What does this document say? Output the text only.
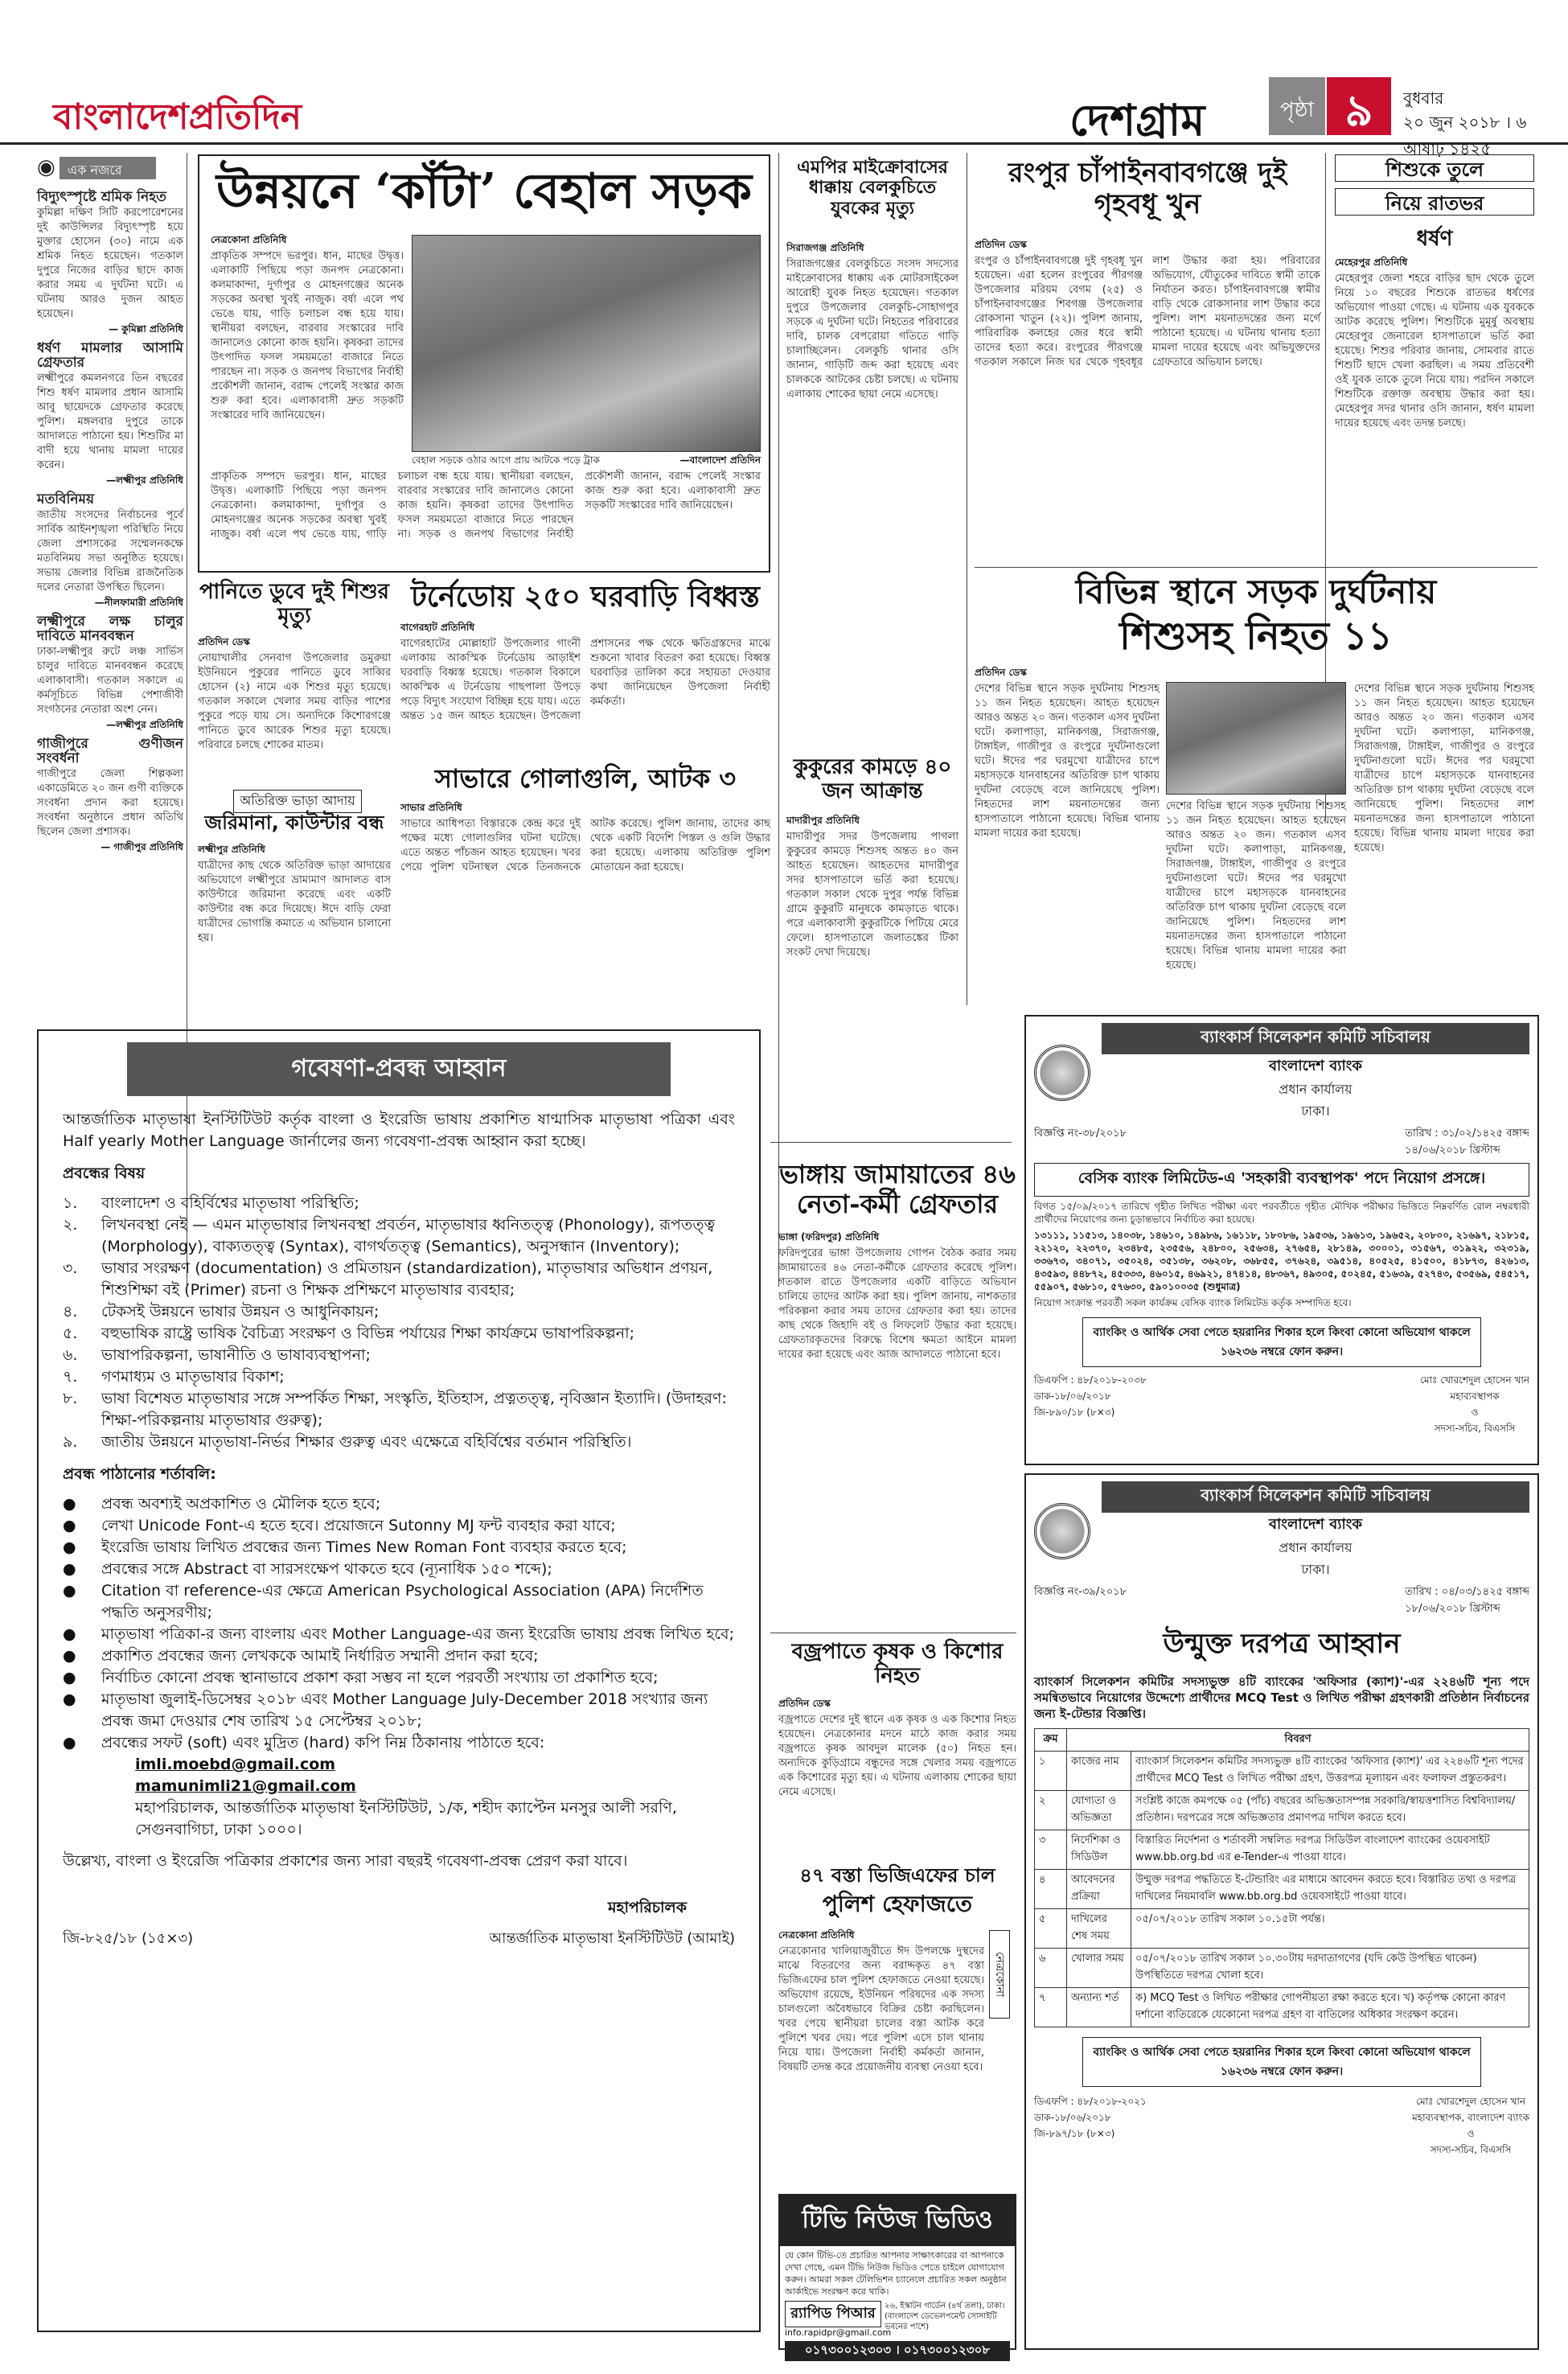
বাংলাদেশপ্রতিদিন	দেশগ্রাম	পৃষ্ঠা ৯	বুধবার
২০ জুন ২০১৮ । ৬ আষাঢ় ১৪২৫
◉ এক নজরে
বিদ্যুৎস্পৃষ্টে শ্রমিক নিহত
কুমিল্লা দক্ষিণ সিটি করপোরেশনের দুই কাউন্সিলর বিদ্যুৎস্পৃষ্ট হয়ে মুক্তার হোসেন (৩০) নামে এক শ্রমিক নিহত হয়েছেন। গতকাল দুপুরে নিজের বাড়ির ছাদে কাজ করার সময় এ দুর্ঘটনা ঘটে। এ ঘটনায় আরও দুজন আহত হয়েছেন।
— কুমিল্লা প্রতিনিধি
ধর্ষণ মামলার আসামি গ্রেফতার
লক্ষ্মীপুরে কমলনগরে তিন বছরের শিশু ধর্ষণ মামলার প্রধান আসামি আবু ছায়েদকে গ্রেফতার করেছে পুলিশ। মঙ্গলবার দুপুরে তাকে আদালতে পাঠানো হয়। শিশুটির মা বাদী হয়ে থানায় মামলা দায়ের করেন।
—লক্ষ্মীপুর প্রতিনিধি
মতবিনিময়
জাতীয় সংসদের নির্বাচনের পূর্বে সার্বিক আইনশৃঙ্খলা পরিস্থিতি নিয়ে জেলা প্রশাসকের সম্মেলনকক্ষে মতবিনিময় সভা অনুষ্ঠিত হয়েছে। সভায় জেলার বিভিন্ন রাজনৈতিক দলের নেতারা উপস্থিত ছিলেন।
—নীলফামারী প্রতিনিধি
লক্ষ্মীপুরে লক্ষ চালুর দাবিতে মানববন্ধন
ঢাকা-লক্ষ্মীপুর রুটে লঞ্চ সার্ভিস চালুর দাবিতে মানববন্ধন করেছে এলাকাবাসী। গতকাল সকালে এ কর্মসূচিতে বিভিন্ন পেশাজীবী সংগঠনের নেতারা অংশ নেন।
—লক্ষ্মীপুর প্রতিনিধি
গাজীপুরে গুণীজন সংবর্ধনা
গাজীপুরে জেলা শিল্পকলা একাডেমিতে ২০ জন গুণী ব্যক্তিকে সংবর্ধনা প্রদান করা হয়েছে। সংবর্ধনা অনুষ্ঠানে প্রধান অতিথি ছিলেন জেলা প্রশাসক।
— গাজীপুর প্রতিনিধি
উন্নয়নে ‘কাঁটা’ বেহাল সড়ক
নেত্রকোনা প্রতিনিধি
প্রাকৃতিক সম্পদে ভরপুর। ধান, মাছের উদ্বৃত্ত। এলাকাটি পিছিয়ে পড়া জনপদ নেত্রকোনা। কলমাকান্দা, দুর্গাপুর ও মোহনগঞ্জের অনেক সড়কের অবস্থা খুবই নাজুক। বর্ষা এলে পথ ভেঙে যায়, গাড়ি চলাচল বন্ধ হয়ে যায়। স্থানীয়রা বলছেন, বারবার সংস্কারের দাবি জানালেও কোনো কাজ হয়নি। কৃষকরা তাদের উৎপাদিত ফসল সময়মতো বাজারে নিতে পারছেন না। সড়ক ও জনপথ বিভাগের নির্বাহী প্রকৌশলী জানান, বরাদ্দ পেলেই সংস্কার কাজ শুরু করা হবে। এলাকাবাসী দ্রুত সড়কটি সংস্কারের দাবি জানিয়েছেন।
বেহাল সড়কে ওঠার আগে প্রায় আটকে পড়ে ট্রাক	—বাংলাদেশ প্রতিদিন
প্রাকৃতিক সম্পদে ভরপুর। ধান, মাছের উদ্বৃত্ত। এলাকাটি পিছিয়ে পড়া জনপদ নেত্রকোনা। কলমাকান্দা, দুর্গাপুর ও মোহনগঞ্জের অনেক সড়কের অবস্থা খুবই নাজুক। বর্ষা এলে পথ ভেঙে যায়, গাড়ি চলাচল বন্ধ হয়ে যায়। স্থানীয়রা বলছেন, বারবার সংস্কারের দাবি জানালেও কোনো কাজ হয়নি। কৃষকরা তাদের উৎপাদিত ফসল সময়মতো বাজারে নিতে পারছেন না। সড়ক ও জনপথ বিভাগের নির্বাহী প্রকৌশলী জানান, বরাদ্দ পেলেই সংস্কার কাজ শুরু করা হবে। এলাকাবাসী দ্রুত সড়কটি সংস্কারের দাবি জানিয়েছেন।
এমপির মাইক্রোবাসের ধাক্কায় বেলকুচিতে যুবকের মৃত্যু
সিরাজগঞ্জ প্রতিনিধি
সিরাজগঞ্জের বেলকুচিতে সংসদ সদস্যের মাইক্রোবাসের ধাক্কায় এক মোটরসাইকেল আরোহী যুবক নিহত হয়েছেন। গতকাল দুপুরে উপজেলার বেলকুচি-সোহাগপুর সড়কে এ দুর্ঘটনা ঘটে। নিহতের পরিবারের দাবি, চালক বেপরোয়া গতিতে গাড়ি চালাচ্ছিলেন। বেলকুচি থানার ওসি জানান, গাড়িটি জব্দ করা হয়েছে এবং চালককে আটকের চেষ্টা চলছে। এ ঘটনায় এলাকায় শোকের ছায়া নেমে এসেছে।
রংপুর চাঁপাইনবাবগঞ্জে দুই গৃহবধূ খুন
প্রতিদিন ডেস্ক
রংপুর ও চাঁপাইনবাবগঞ্জে দুই গৃহবধূ খুন হয়েছেন। এরা হলেন রংপুরের পীরগঞ্জ উপজেলার মরিয়ম বেগম (২৫) ও চাঁপাইনবাবগঞ্জের শিবগঞ্জ উপজেলার রোকসানা খাতুন (২২)। পুলিশ জানায়, পারিবারিক কলহের জের ধরে স্বামী তাদের হত্যা করে। রংপুরের পীরগঞ্জে গতকাল সকালে নিজ ঘর থেকে গৃহবধূর লাশ উদ্ধার করা হয়। পরিবারের অভিযোগ, যৌতুকের দাবিতে স্বামী তাকে নির্যাতন করত। চাঁপাইনবাবগঞ্জে স্বামীর বাড়ি থেকে রোকসানার লাশ উদ্ধার করে পুলিশ। লাশ ময়নাতদন্তের জন্য মর্গে পাঠানো হয়েছে। এ ঘটনায় থানায় হত্যা মামলা দায়ের হয়েছে এবং অভিযুক্তদের গ্রেফতারে অভিযান চলছে।
শিশুকে তুলে
নিয়ে রাতভর
ধর্ষণ
মেহেরপুর প্রতিনিধি
মেহেরপুর জেলা শহরে বাড়ির ছাদ থেকে তুলে নিয়ে ১০ বছরের শিশুকে রাতভর ধর্ষণের অভিযোগ পাওয়া গেছে। এ ঘটনায় এক যুবককে আটক করেছে পুলিশ। শিশুটিকে মুমূর্ষু অবস্থায় মেহেরপুর জেনারেল হাসপাতালে ভর্তি করা হয়েছে। শিশুর পরিবার জানায়, সোমবার রাতে শিশুটি ছাদে খেলা করছিল। এ সময় প্রতিবেশী ওই যুবক তাকে তুলে নিয়ে যায়। পরদিন সকালে শিশুটিকে রক্তাক্ত অবস্থায় উদ্ধার করা হয়। মেহেরপুর সদর থানার ওসি জানান, ধর্ষণ মামলা দায়ের হয়েছে এবং তদন্ত চলছে।
বিভিন্ন স্থানে সড়ক দুর্ঘটনায়
শিশুসহ নিহত ১১
প্রতিদিন ডেস্ক
দেশের বিভিন্ন স্থানে সড়ক দুর্ঘটনায় শিশুসহ ১১ জন নিহত হয়েছেন। আহত হয়েছেন আরও অন্তত ২০ জন। গতকাল এসব দুর্ঘটনা ঘটে। কলাপাড়া, মানিকগঞ্জ, সিরাজগঞ্জ, টাঙ্গাইল, গাজীপুর ও রংপুরে দুর্ঘটনাগুলো ঘটে। ঈদের পর ঘরমুখো যাত্রীদের চাপে মহাসড়কে যানবাহনের অতিরিক্ত চাপ থাকায় দুর্ঘটনা বেড়েছে বলে জানিয়েছে পুলিশ। নিহতদের লাশ ময়নাতদন্তের জন্য হাসপাতালে পাঠানো হয়েছে। বিভিন্ন থানায় মামলা দায়ের করা হয়েছে।
দেশের বিভিন্ন স্থানে সড়ক দুর্ঘটনায় শিশুসহ ১১ জন নিহত হয়েছেন। আহত হয়েছেন আরও অন্তত ২০ জন। গতকাল এসব দুর্ঘটনা ঘটে। কলাপাড়া, মানিকগঞ্জ, সিরাজগঞ্জ, টাঙ্গাইল, গাজীপুর ও রংপুরে দুর্ঘটনাগুলো ঘটে। ঈদের পর ঘরমুখো যাত্রীদের চাপে মহাসড়কে যানবাহনের অতিরিক্ত চাপ থাকায় দুর্ঘটনা বেড়েছে বলে জানিয়েছে পুলিশ। নিহতদের লাশ ময়নাতদন্তের জন্য হাসপাতালে পাঠানো হয়েছে। বিভিন্ন থানায় মামলা দায়ের করা হয়েছে।
দেশের বিভিন্ন স্থানে সড়ক দুর্ঘটনায় শিশুসহ ১১ জন নিহত হয়েছেন। আহত হয়েছেন আরও অন্তত ২০ জন। গতকাল এসব দুর্ঘটনা ঘটে। কলাপাড়া, মানিকগঞ্জ, সিরাজগঞ্জ, টাঙ্গাইল, গাজীপুর ও রংপুরে দুর্ঘটনাগুলো ঘটে। ঈদের পর ঘরমুখো যাত্রীদের চাপে মহাসড়কে যানবাহনের অতিরিক্ত চাপ থাকায় দুর্ঘটনা বেড়েছে বলে জানিয়েছে পুলিশ। নিহতদের লাশ ময়নাতদন্তের জন্য হাসপাতালে পাঠানো হয়েছে। বিভিন্ন থানায় মামলা দায়ের করা হয়েছে।
পানিতে ডুবে দুই শিশুর মৃত্যু
প্রতিদিন ডেস্ক
নোয়াখালীর সেনবাগ উপজেলার ডমুরুয়া ইউনিয়নে পুকুরের পানিতে ডুবে সাব্বির হোসেন (২) নামে এক শিশুর মৃত্যু হয়েছে। গতকাল সকালে খেলার সময় বাড়ির পাশের পুকুরে পড়ে যায় সে। অন্যদিকে কিশোরগঞ্জে পানিতে ডুবে আরেক শিশুর মৃত্যু হয়েছে। পরিবারে চলছে শোকের মাতম।
অতিরিক্ত ভাড়া আদায়
জরিমানা, কাউন্টার বন্ধ
লক্ষ্মীপুর প্রতিনিধি
যাত্রীদের কাছ থেকে অতিরিক্ত ভাড়া আদায়ের অভিযোগে লক্ষ্মীপুরে ভ্রাম্যমাণ আদালত বাস কাউন্টারে জরিমানা করেছে এবং একটি কাউন্টার বন্ধ করে দিয়েছে। ঈদে বাড়ি ফেরা যাত্রীদের ভোগান্তি কমাতে এ অভিযান চালানো হয়।
টর্নেডোয় ২৫০ ঘরবাড়ি বিধ্বস্ত
বাগেরহাট প্রতিনিধি
বাগেরহাটের মোল্লাহাট উপজেলার গাংনী এলাকায় আকস্মিক টর্নেডোয় আড়াইশ ঘরবাড়ি বিধ্বস্ত হয়েছে। গতকাল বিকালে আকস্মিক এ টর্নেডোয় গাছপালা উপড়ে পড়ে বিদ্যুৎ সংযোগ বিচ্ছিন্ন হয়ে যায়। এতে অন্তত ১৫ জন আহত হয়েছেন। উপজেলা প্রশাসনের পক্ষ থেকে ক্ষতিগ্রস্তদের মাঝে শুকনো খাবার বিতরণ করা হয়েছে। বিধ্বস্ত ঘরবাড়ির তালিকা করে সহায়তা দেওয়ার কথা জানিয়েছেন উপজেলা নির্বাহী কর্মকর্তা।
সাভারে গোলাগুলি, আটক ৩
সাভার প্রতিনিধি
সাভারে আধিপত্য বিস্তারকে কেন্দ্র করে দুই পক্ষের মধ্যে গোলাগুলির ঘটনা ঘটেছে। এতে অন্তত পাঁচজন আহত হয়েছেন। খবর পেয়ে পুলিশ ঘটনাস্থল থেকে তিনজনকে আটক করেছে। পুলিশ জানায়, তাদের কাছ থেকে একটি বিদেশি পিস্তল ও গুলি উদ্ধার করা হয়েছে। এলাকায় অতিরিক্ত পুলিশ মোতায়েন করা হয়েছে।
কুকুরের কামড়ে ৪০ জন আক্রান্ত
মাদারীপুর প্রতিনিধি
মাদারীপুর সদর উপজেলায় পাগলা কুকুরের কামড়ে শিশুসহ অন্তত ৪০ জন আহত হয়েছেন। আহতদের মাদারীপুর সদর হাসপাতালে ভর্তি করা হয়েছে। গতকাল সকাল থেকে দুপুর পর্যন্ত বিভিন্ন গ্রামে কুকুরটি মানুষকে কামড়াতে থাকে। পরে এলাকাবাসী কুকুরটিকে পিটিয়ে মেরে ফেলে। হাসপাতালে জলাতঙ্কের টিকা সংকট দেখা দিয়েছে।
গবেষণা-প্রবন্ধ আহ্বান
আন্তর্জাতিক মাতৃভাষা ইনস্টিটিউট কর্তৃক বাংলা ও ইংরেজি ভাষায় প্রকাশিত ষাণ্মাসিক মাতৃভাষা পত্রিকা এবং Half yearly Mother Language জার্নালের জন্য গবেষণা-প্রবন্ধ আহ্বান করা হচ্ছে।
প্রবন্ধের বিষয়
১.	বাংলাদেশ ও বহির্বিশ্বের মাতৃভাষা পরিস্থিতি;
২.	লিখনবস্থা নেই — এমন মাতৃভাষার লিখনবস্থা প্রবর্তন, মাতৃভাষার ধ্বনিতত্ত্ব (Phonology), রূপতত্ত্ব (Morphology), বাক্যতত্ত্ব (Syntax), বাগর্থতত্ত্ব (Semantics), অনুসন্ধান (Inventory);
৩.	ভাষার সংরক্ষণ (documentation) ও প্রমিতায়ন (standardization), মাতৃভাষার অভিধান প্রণয়ন, শিশুশিক্ষা বই (Primer) রচনা ও শিক্ষক প্রশিক্ষণে মাতৃভাষার ব্যবহার;
৪.	টেকসই উন্নয়নে ভাষার উন্নয়ন ও আধুনিকায়ন;
৫.	বহুভাষিক রাষ্ট্রে ভাষিক বৈচিত্র্য সংরক্ষণ ও বিভিন্ন পর্যায়ের শিক্ষা কার্যক্রমে ভাষাপরিকল্পনা;
৬.	ভাষাপরিকল্পনা, ভাষানীতি ও ভাষাব্যবস্থাপনা;
৭.	গণমাধ্যম ও মাতৃভাষার বিকাশ;
৮.	ভাষা বিশেষত মাতৃভাষার সঙ্গে সম্পর্কিত শিক্ষা, সংস্কৃতি, ইতিহাস, প্রত্নতত্ত্ব, নৃবিজ্ঞান ইত্যাদি। (উদাহরণ: শিক্ষা-পরিকল্পনায় মাতৃভাষার গুরুত্ব);
৯.	জাতীয় উন্নয়নে মাতৃভাষা-নির্ভর শিক্ষার গুরুত্ব এবং এক্ষেত্রে বহির্বিশ্বের বর্তমান পরিস্থিতি।
প্রবন্ধ পাঠানোর শর্তাবলি:
●	প্রবন্ধ অবশ্যই অপ্রকাশিত ও মৌলিক হতে হবে;
●	লেখা Unicode Font-এ হতে হবে। প্রয়োজনে Sutonny MJ ফন্ট ব্যবহার করা যাবে;
●	ইংরেজি ভাষায় লিখিত প্রবন্ধের জন্য Times New Roman Font ব্যবহার করতে হবে;
●	প্রবন্ধের সঙ্গে Abstract বা সারসংক্ষেপ থাকতে হবে (ন্যূনাধিক ১৫০ শব্দে);
●	Citation বা reference-এর ক্ষেত্রে American Psychological Association (APA) নির্দেশিত পদ্ধতি অনুসরণীয়;
●	মাতৃভাষা পত্রিকা-র জন্য বাংলায় এবং Mother Language-এর জন্য ইংরেজি ভাষায় প্রবন্ধ লিখিত হবে;
●	প্রকাশিত প্রবন্ধের জন্য লেখককে আমাই নির্ধারিত সম্মানী প্রদান করা হবে;
●	নির্বাচিত কোনো প্রবন্ধ স্থানাভাবে প্রকাশ করা সম্ভব না হলে পরবর্তী সংখ্যায় তা প্রকাশিত হবে;
●	মাতৃভাষা জুলাই-ডিসেম্বর ২০১৮ এবং Mother Language July-December 2018 সংখ্যার জন্য প্রবন্ধ জমা দেওয়ার শেষ তারিখ ১৫ সেপ্টেম্বর ২০১৮;
●	প্রবন্ধের সফট (soft) এবং মুদ্রিত (hard) কপি নিম্ন ঠিকানায় পাঠাতে হবে:
imli.moebd@gmail.com
mamunimli21@gmail.com
মহাপরিচালক, আন্তর্জাতিক মাতৃভাষা ইনস্টিটিউট, ১/ক, শহীদ ক্যাপ্টেন মনসুর আলী সরণি, সেগুনবাগিচা, ঢাকা ১০০০।
উল্লেখ্য, বাংলা ও ইংরেজি পত্রিকার প্রকাশের জন্য সারা বছরই গবেষণা-প্রবন্ধ প্রেরণ করা যাবে।
মহাপরিচালক
জি-৮২৫/১৮ (১৫×৩)	আন্তর্জাতিক মাতৃভাষা ইনস্টিটিউট (আমাই)
ভাঙ্গায় জামায়াতের ৪৬ নেতা-কর্মী গ্রেফতার
ভাঙ্গা (ফরিদপুর) প্রতিনিধি
ফরিদপুরের ভাঙ্গা উপজেলায় গোপন বৈঠক করার সময় জামায়াতের ৪৬ নেতা-কর্মীকে গ্রেফতার করেছে পুলিশ। গতকাল রাতে উপজেলার একটি বাড়িতে অভিযান চালিয়ে তাদের আটক করা হয়। পুলিশ জানায়, নাশকতার পরিকল্পনা করার সময় তাদের গ্রেফতার করা হয়। তাদের কাছ থেকে জিহাদি বই ও লিফলেট উদ্ধার করা হয়েছে। গ্রেফতারকৃতদের বিরুদ্ধে বিশেষ ক্ষমতা আইনে মামলা দায়ের করা হয়েছে এবং আজ আদালতে পাঠানো হবে।
বজ্রপাতে কৃষক ও কিশোর নিহত
প্রতিদিন ডেস্ক
বজ্রপাতে দেশের দুই স্থানে এক কৃষক ও এক কিশোর নিহত হয়েছেন। নেত্রকোনার মদনে মাঠে কাজ করার সময় বজ্রপাতে কৃষক আবদুল মালেক (৫০) নিহত হন। অন্যদিকে কুড়িগ্রামে বন্ধুদের সঙ্গে খেলার সময় বজ্রপাতে এক কিশোরের মৃত্যু হয়। এ ঘটনায় এলাকায় শোকের ছায়া নেমে এসেছে।
৪৭ বস্তা ভিজিএফের চাল
পুলিশ হেফাজতে
নেত্রকোনা প্রতিনিধি
নেত্রকোনা
নেত্রকোনার খালিয়াজুরীতে ঈদ উপলক্ষে দুস্থদের মাঝে বিতরণের জন্য বরাদ্দকৃত ৪৭ বস্তা ভিজিএফের চাল পুলিশ হেফাজতে নেওয়া হয়েছে। অভিযোগ রয়েছে, ইউনিয়ন পরিষদের এক সদস্য চালগুলো অবৈধভাবে বিক্রির চেষ্টা করছিলেন। খবর পেয়ে স্থানীয়রা চালের বস্তা আটক করে পুলিশে খবর দেয়। পরে পুলিশ এসে চাল থানায় নিয়ে যায়। উপজেলা নির্বাহী কর্মকর্তা জানান, বিষয়টি তদন্ত করে প্রয়োজনীয় ব্যবস্থা নেওয়া হবে।
টিভি নিউজ ভিডিও
যে কোন টিভি-তে প্রচারিত আপনার সাক্ষাৎকারের বা আপনাকে দেখা গেছে, এমন টিভি নিউজ ভিডিও পেতে চাইলে যোগাযোগ করুন। আমরা সকল টেলিভিশন চ্যানেলে প্রচারিত সকল অনুষ্ঠান আর্কাইভে সংরক্ষণ করে থাকি।
র‍্যাপিড পিআর
info.rapidpr@gmail.com
২৬, ইস্কাটন গার্ডেন (৪র্থ তলা), ঢাকা। (বাংলাদেশ ডেভেলপমেন্ট সোসাইটি ভবনের পাশে)
০১৭৩০০১২৩০৩ । ০১৭৩০০১২৩০৮
ব্যাংকার্স সিলেকশন কমিটি সচিবালয়
বাংলাদেশ ব্যাংক
প্রধান কার্যালয়
ঢাকা।
বিজ্ঞপ্তি নং-৩৮/২০১৮	তারিখ : ৩১/০২/১৪২৫ বঙ্গাব্দ
১৪/০৬/২০১৮ খ্রিস্টাব্দ
বেসিক ব্যাংক লিমিটেড-এ 'সহকারী ব্যবস্থাপক' পদে নিয়োগ প্রসঙ্গে।
বিগত ১৫/০৯/২০১৭ তারিখে গৃহীত লিখিত পরীক্ষা এবং পরবর্তীতে গৃহীত মৌখিক পরীক্ষার ভিত্তিতে নিম্নবর্ণিত রোল নম্বরধারী প্রার্থীদের নিয়োগের জন্য চূড়ান্তভাবে নির্বাচিত করা হয়েছে।
১৩১১১, ১১৫১৩, ১৪০৩৮, ১৪৬১০, ১৪৯৮৬, ১৬১১৮, ১৮০৮৬, ১৯৫৩৬, ১৯৬১৩, ১৯৬৫২, ২০৮০০, ২১৬৯৭, ২১৮১৫, ২২১২০, ২২৩৭০, ২৩৪৮৫, ২৩৫৫৬, ২৪৮০০, ২৫৬৩৪, ২৭৬৫৪, ২৮১৪৯, ৩০০০১, ৩১৫৬৭, ৩১৯২২, ৩২৩১৯, ৩৩৬৭৩, ৩৪০৭১, ৩৫০২৪, ৩৫১৩৮, ৩৬২০৮, ৩৬৮৫৫, ৩৭৬২৪, ৩৯৫১৪, ৪০৫২৫, ৪১৫০০, ৪১৮৭৩, ৪২৬১৩, ৪৩৫৯৩, ৪৪৮৭২, ৪৫৩৩৩, ৪৬০১৫, ৪৬৯২১, ৪৭৪১৪, ৪৮৩৬৭, ৪৯৩০৫, ৫০২৪৫, ৫১৬৩৯, ৫২৭৪৩, ৫৩৫৬৯, ৫৪৫১৭, ৫৫৯০৭, ৫৬৮১০, ৫৭৬৩০, ৫৯০১০০৩৫ (শুধুমাত্র)
নিয়োগ সংক্রান্ত পরবর্তী সকল কার্যক্রম বেসিক ব্যাংক লিমিটেড কর্তৃক সম্পাদিত হবে।
ব্যাংকিং ও আর্থিক সেবা পেতে হয়রানির শিকার হলে কিংবা কোনো অভিযোগ থাকলে ১৬২৩৬ নম্বরে ফোন করুন।
ডিএফপি : ৪৮/২০১৮-২০৩৮
ডাক-১৮/০৬/২০১৮
জি-৮৯০/১৮ (৮×৩)
মোঃ খোরশেদুল হোসেন খান
মহাব্যবস্থাপক
ও
সদস্য-সচিব, বিএসসি
ব্যাংকার্স সিলেকশন কমিটি সচিবালয়
বাংলাদেশ ব্যাংক
প্রধান কার্যালয়
ঢাকা।
বিজ্ঞপ্তি নং-৩৯/২০১৮	তারিখ : ০৪/০৩/১৪২৫ বঙ্গাব্দ
১৮/০৬/২০১৮ খ্রিস্টাব্দ
উন্মুক্ত দরপত্র আহ্বান
ব্যাংকার্স সিলেকশন কমিটির সদস্যভুক্ত ৪টি ব্যাংকের 'অফিসার (ক্যাশ)'-এর ২২৪৬টি শূন্য পদে সমন্বিতভাবে নিয়োগের উদ্দেশ্যে প্রার্থীদের MCQ Test ও লিখিত পরীক্ষা গ্রহণকারী প্রতিষ্ঠান নির্বাচনের জন্য ই-টেন্ডার বিজ্ঞপ্তি।
ক্রম	বিবরণ	
১	কাজের নাম	ব্যাংকার্স সিলেকশন কমিটির সদস্যভুক্ত ৪টি ব্যাংকের 'অফিসার (ক্যাশ)' এর ২২৪৬টি শূন্য পদের প্রার্থীদের MCQ Test ও লিখিত পরীক্ষা গ্রহণ, উত্তরপত্র মূল্যায়ন এবং ফলাফল প্রস্তুতকরণ।
২	যোগ্যতা ও অভিজ্ঞতা	সংশ্লিষ্ট কাজে কমপক্ষে ০৫ (পাঁচ) বছরের অভিজ্ঞতাসম্পন্ন সরকারি/স্বায়ত্তশাসিত বিশ্ববিদ্যালয়/প্রতিষ্ঠান। দরপত্রের সঙ্গে অভিজ্ঞতার প্রমাণপত্র দাখিল করতে হবে।
৩	নির্দেশিকা ও সিডিউল	বিস্তারিত নির্দেশনা ও শর্তাবলী সম্বলিত দরপত্র সিডিউল বাংলাদেশ ব্যাংকের ওয়েবসাইট www.bb.org.bd এর e-Tender-এ পাওয়া যাবে।
৪	আবেদনের প্রক্রিয়া	উন্মুক্ত দরপত্র পদ্ধতিতে ই-টেন্ডারিং এর মাধ্যমে আবেদন করতে হবে। বিস্তারিত তথ্য ও দরপত্র দাখিলের নিয়মাবলি www.bb.org.bd ওয়েবসাইটে পাওয়া যাবে।
৫	দাখিলের শেষ সময়	০৫/০৭/২০১৮ তারিখ সকাল ১০.১৫টা পর্যন্ত।
৬	খোলার সময়	০৫/০৭/২০১৮ তারিখ সকাল ১০.৩০টায় দরদাতাগণের (যদি কেউ উপস্থিত থাকেন) উপস্থিতিতে দরপত্র খোলা হবে।
৭	অন্যান্য শর্ত	ক) MCQ Test ও লিখিত পরীক্ষার গোপনীয়তা রক্ষা করতে হবে। খ) কর্তৃপক্ষ কোনো কারণ দর্শানো ব্যতিরেকে যেকোনো দরপত্র গ্রহণ বা বাতিলের অধিকার সংরক্ষণ করেন।
ব্যাংকিং ও আর্থিক সেবা পেতে হয়রানির শিকার হলে কিংবা কোনো অভিযোগ থাকলে ১৬২৩৬ নম্বরে ফোন করুন।
ডিএফপি : ৪৮/২০১৮-২০২১
ডাক-১৮/০৬/২০১৮
জি-৮৯৭/১৮ (৮×৩)
মোঃ খোরশেদুল হোসেন খান
মহাব্যবস্থাপক, বাংলাদেশ ব্যাংক
ও
সদস্য-সচিব, বিএসসি
